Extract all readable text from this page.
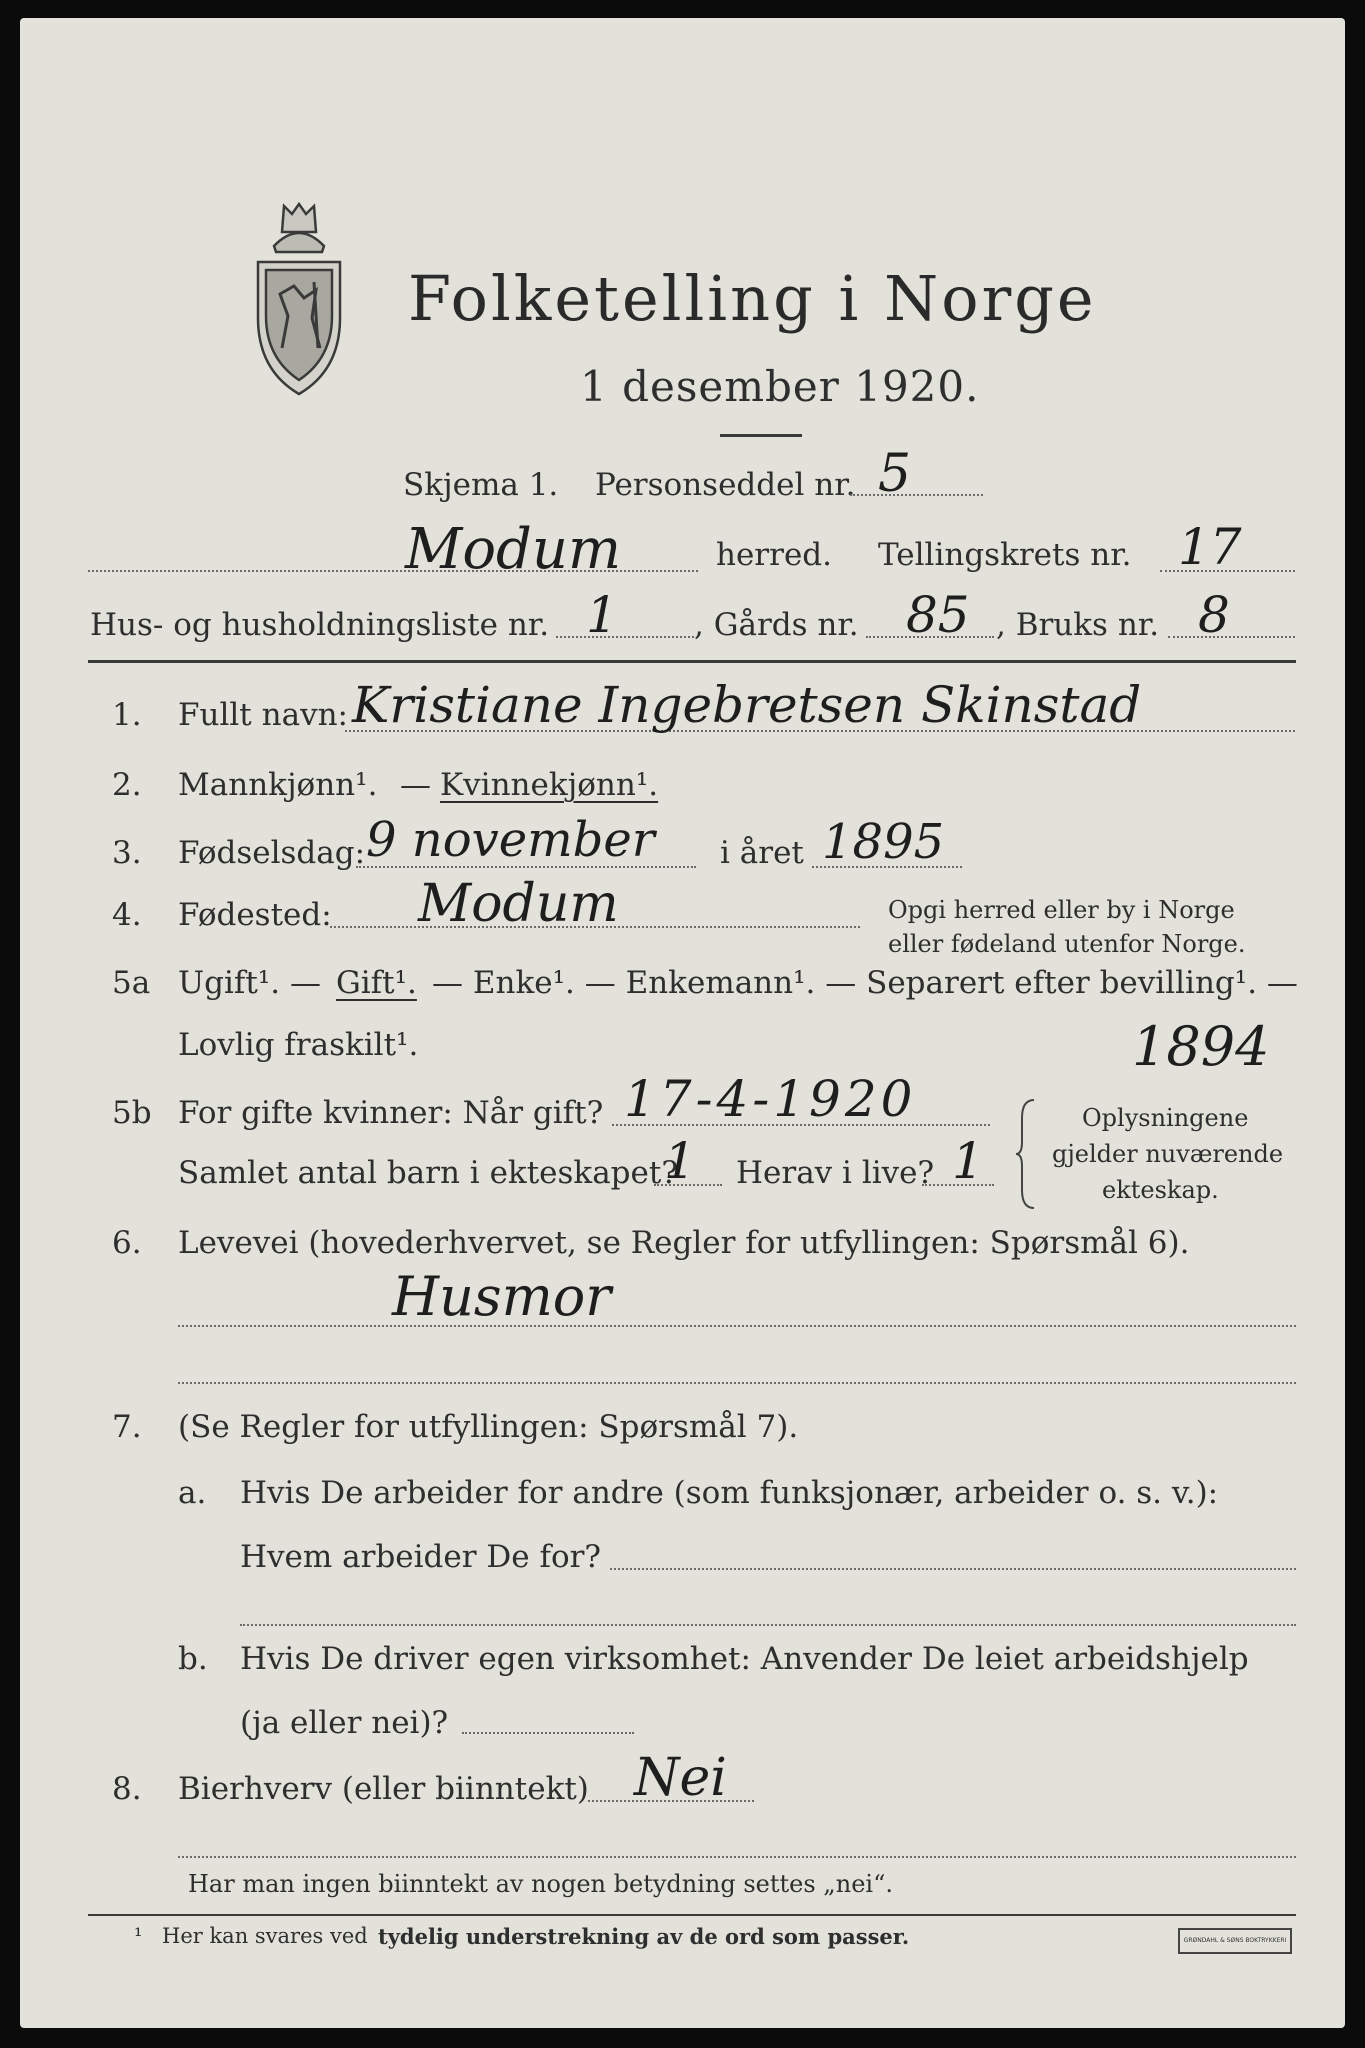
Folketelling i Norge
1 desember 1920.
Skjema 1. Personseddel nr. 5
Modum	herred. Tellingskrets nr. 17
Hus- og husholdningsliste nr. 1 , Gårds nr. 85 , Bruks nr. 8
1. Fullt navn: Kristiane Ingebretsen Skinstad
2. Mannkjønn¹. — Kvinnekjønn¹.
3. Fødselsdag: 9 november i året 1895
4. Fødested: Modum	Opgi herred eller by i Norge
eller fødeland utenfor Norge.
5a Ugift¹. — Gift¹. — Enke¹. — Enkemann¹. — Separert efter bevilling¹. —
Lovlig fraskilt¹.	1894
5b For gifte kvinner: Når gift? 17-4-1920
Samlet antal barn i ekteskapet?
1 Herav i live? 1
Oplysningene
gjelder nuværende
ekteskap.
6. Levevei (hovederhvervet, se Regler for utfyllingen: Spørsmål 6).
Husmor
7. (Se Regler for utfyllingen: Spørsmål 7).
a. Hvis De arbeider for andre (som funksjonær, arbeider o. s. v.):
Hvem arbeider De for?
b. Hvis De driver egen virksomhet: Anvender De leiet arbeidshjelp
(ja eller nei)?
8. Bierhverv (eller biinntekt) Nei
Har man ingen biinntekt av nogen betydning settes „nei“.
¹ Her kan svares ved tydelig understrekning av de ord som passer.	GRØNDAHL & SØNS BOKTRYKKERI
